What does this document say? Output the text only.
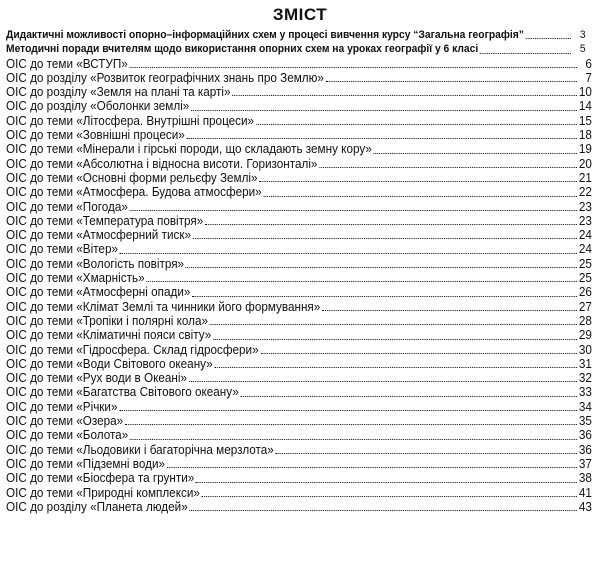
ЗМІСТ
Дидактичні можливості опорно–інформаційних схем у процесі вивчення курсу “Загальна географія”	3
Методичні поради вчителям щодо використання опорних схем на уроках географії у 6 класі	5
ОІС до теми «ВСТУП»	6
ОІС до розділу «Розвиток географічних знань про Землю»	7
ОІС до розділу «Земля на плані та карті»	10
ОІС до розділу «Оболонки землі»	14
ОІС до теми «Літосфера. Внутрішні процеси»	15
ОІС до теми «Зовнішні процеси»	18
ОІС до теми «Мінерали і гірські породи, що складають земну кору»	19
ОІС до теми «Абсолютна і відносна висоти. Горизонталі»	20
ОІС до теми «Основні форми рельєфу Землі»	21
ОІС до теми «Атмосфера. Будова атмосфери»	22
ОІС до теми «Погода»	23
ОІС до теми «Температура повітря»	23
ОІС до теми «Атмосферний тиск»	24
ОІС до теми «Вітер»	24
ОІС до теми «Вологість повітря»	25
ОІС до теми «Хмарність»	25
ОІС до теми «Атмосферні опади»	26
ОІС до теми «Клімат Землі та чинники його формування»	27
ОІС до теми «Тропіки і полярні кола»	28
ОІС до теми «Кліматичні пояси світу»	29
ОІС до теми «Гідросфера. Склад гідросфери»	30
ОІС до теми «Води Світового океану»	31
ОІС до теми «Рух води в Океані»	32
ОІС до теми «Багатства Світового океану»	33
ОІС до теми «Річки»	34
ОІС до теми «Озера»	35
ОІС до теми «Болота»	36
ОІС до теми «Льодовики і багаторічна мерзлота»	36
ОІС до теми «Підземні води»	37
ОІС до теми «Біосфера та грунти»	38
ОІС до теми «Природні комплекси»	41
ОІС до розділу «Планета людей»	43
